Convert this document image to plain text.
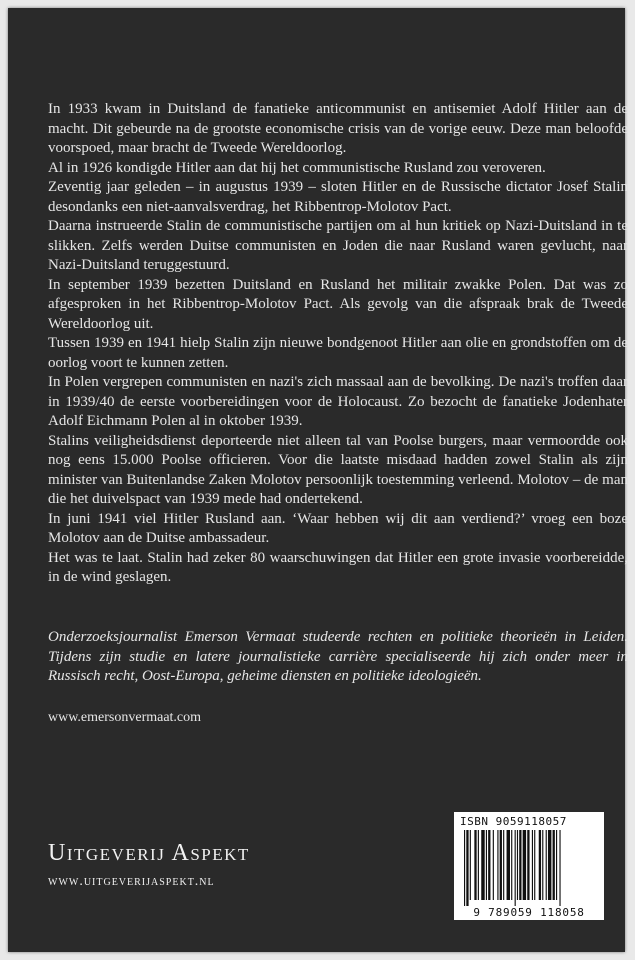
In 1933 kwam in Duitsland de fanatieke anticommunist en antisemiet Adolf Hitler aan de macht. Dit gebeurde na de grootste economische crisis van de vorige eeuw. Deze man beloofde voorspoed, maar bracht de Tweede Wereldoorlog.

Al in 1926 kondigde Hitler aan dat hij het communistische Rusland zou veroveren.

Zeventig jaar geleden – in augustus 1939 – sloten Hitler en de Russische dictator Josef Stalin desondanks een niet-aanvalsverdrag, het Ribbentrop-Molotov Pact.

Daarna instrueerde Stalin de communistische partijen om al hun kritiek op Nazi-Duitsland in te slikken. Zelfs werden Duitse communisten en Joden die naar Rusland waren gevlucht, naar Nazi-Duitsland teruggestuurd.

In september 1939 bezetten Duitsland en Rusland het militair zwakke Polen. Dat was zo afgesproken in het Ribbentrop-Molotov Pact. Als gevolg van die afspraak brak de Tweede Wereldoorlog uit.

Tussen 1939 en 1941 hielp Stalin zijn nieuwe bondgenoot Hitler aan olie en grondstoffen om de oorlog voort te kunnen zetten.

In Polen vergrepen communisten en nazi's zich massaal aan de bevolking. De nazi's troffen daar in 1939/40 de eerste voorbereidingen voor de Holocaust. Zo bezocht de fanatieke Jodenhater Adolf Eichmann Polen al in oktober 1939.

Stalins veiligheidsdienst deporteerde niet alleen tal van Poolse burgers, maar vermoordde ook nog eens 15.000 Poolse officieren. Voor die laatste misdaad hadden zowel Stalin als zijn minister van Buitenlandse Zaken Molotov persoonlijk toestemming verleend. Molotov – de man die het duivelspact van 1939 mede had ondertekend.

In juni 1941 viel Hitler Rusland aan. ‘Waar hebben wij dit aan verdiend?’ vroeg een boze Molotov aan de Duitse ambassadeur.

Het was te laat. Stalin had zeker 80 waarschuwingen dat Hitler een grote invasie voorbereidde, in de wind geslagen.

Onderzoeksjournalist Emerson Vermaat studeerde rechten en politieke theorieën in Leiden. Tijdens zijn studie en latere journalistieke carrière specialiseerde hij zich onder meer in Russisch recht, Oost-Europa, geheime diensten en politieke ideologieën.
www.emersonvermaat.com
Uitgeverij Aspekt
www.uitgeverijaspekt.nl
ISBN 9059118057
9 789059 118058
